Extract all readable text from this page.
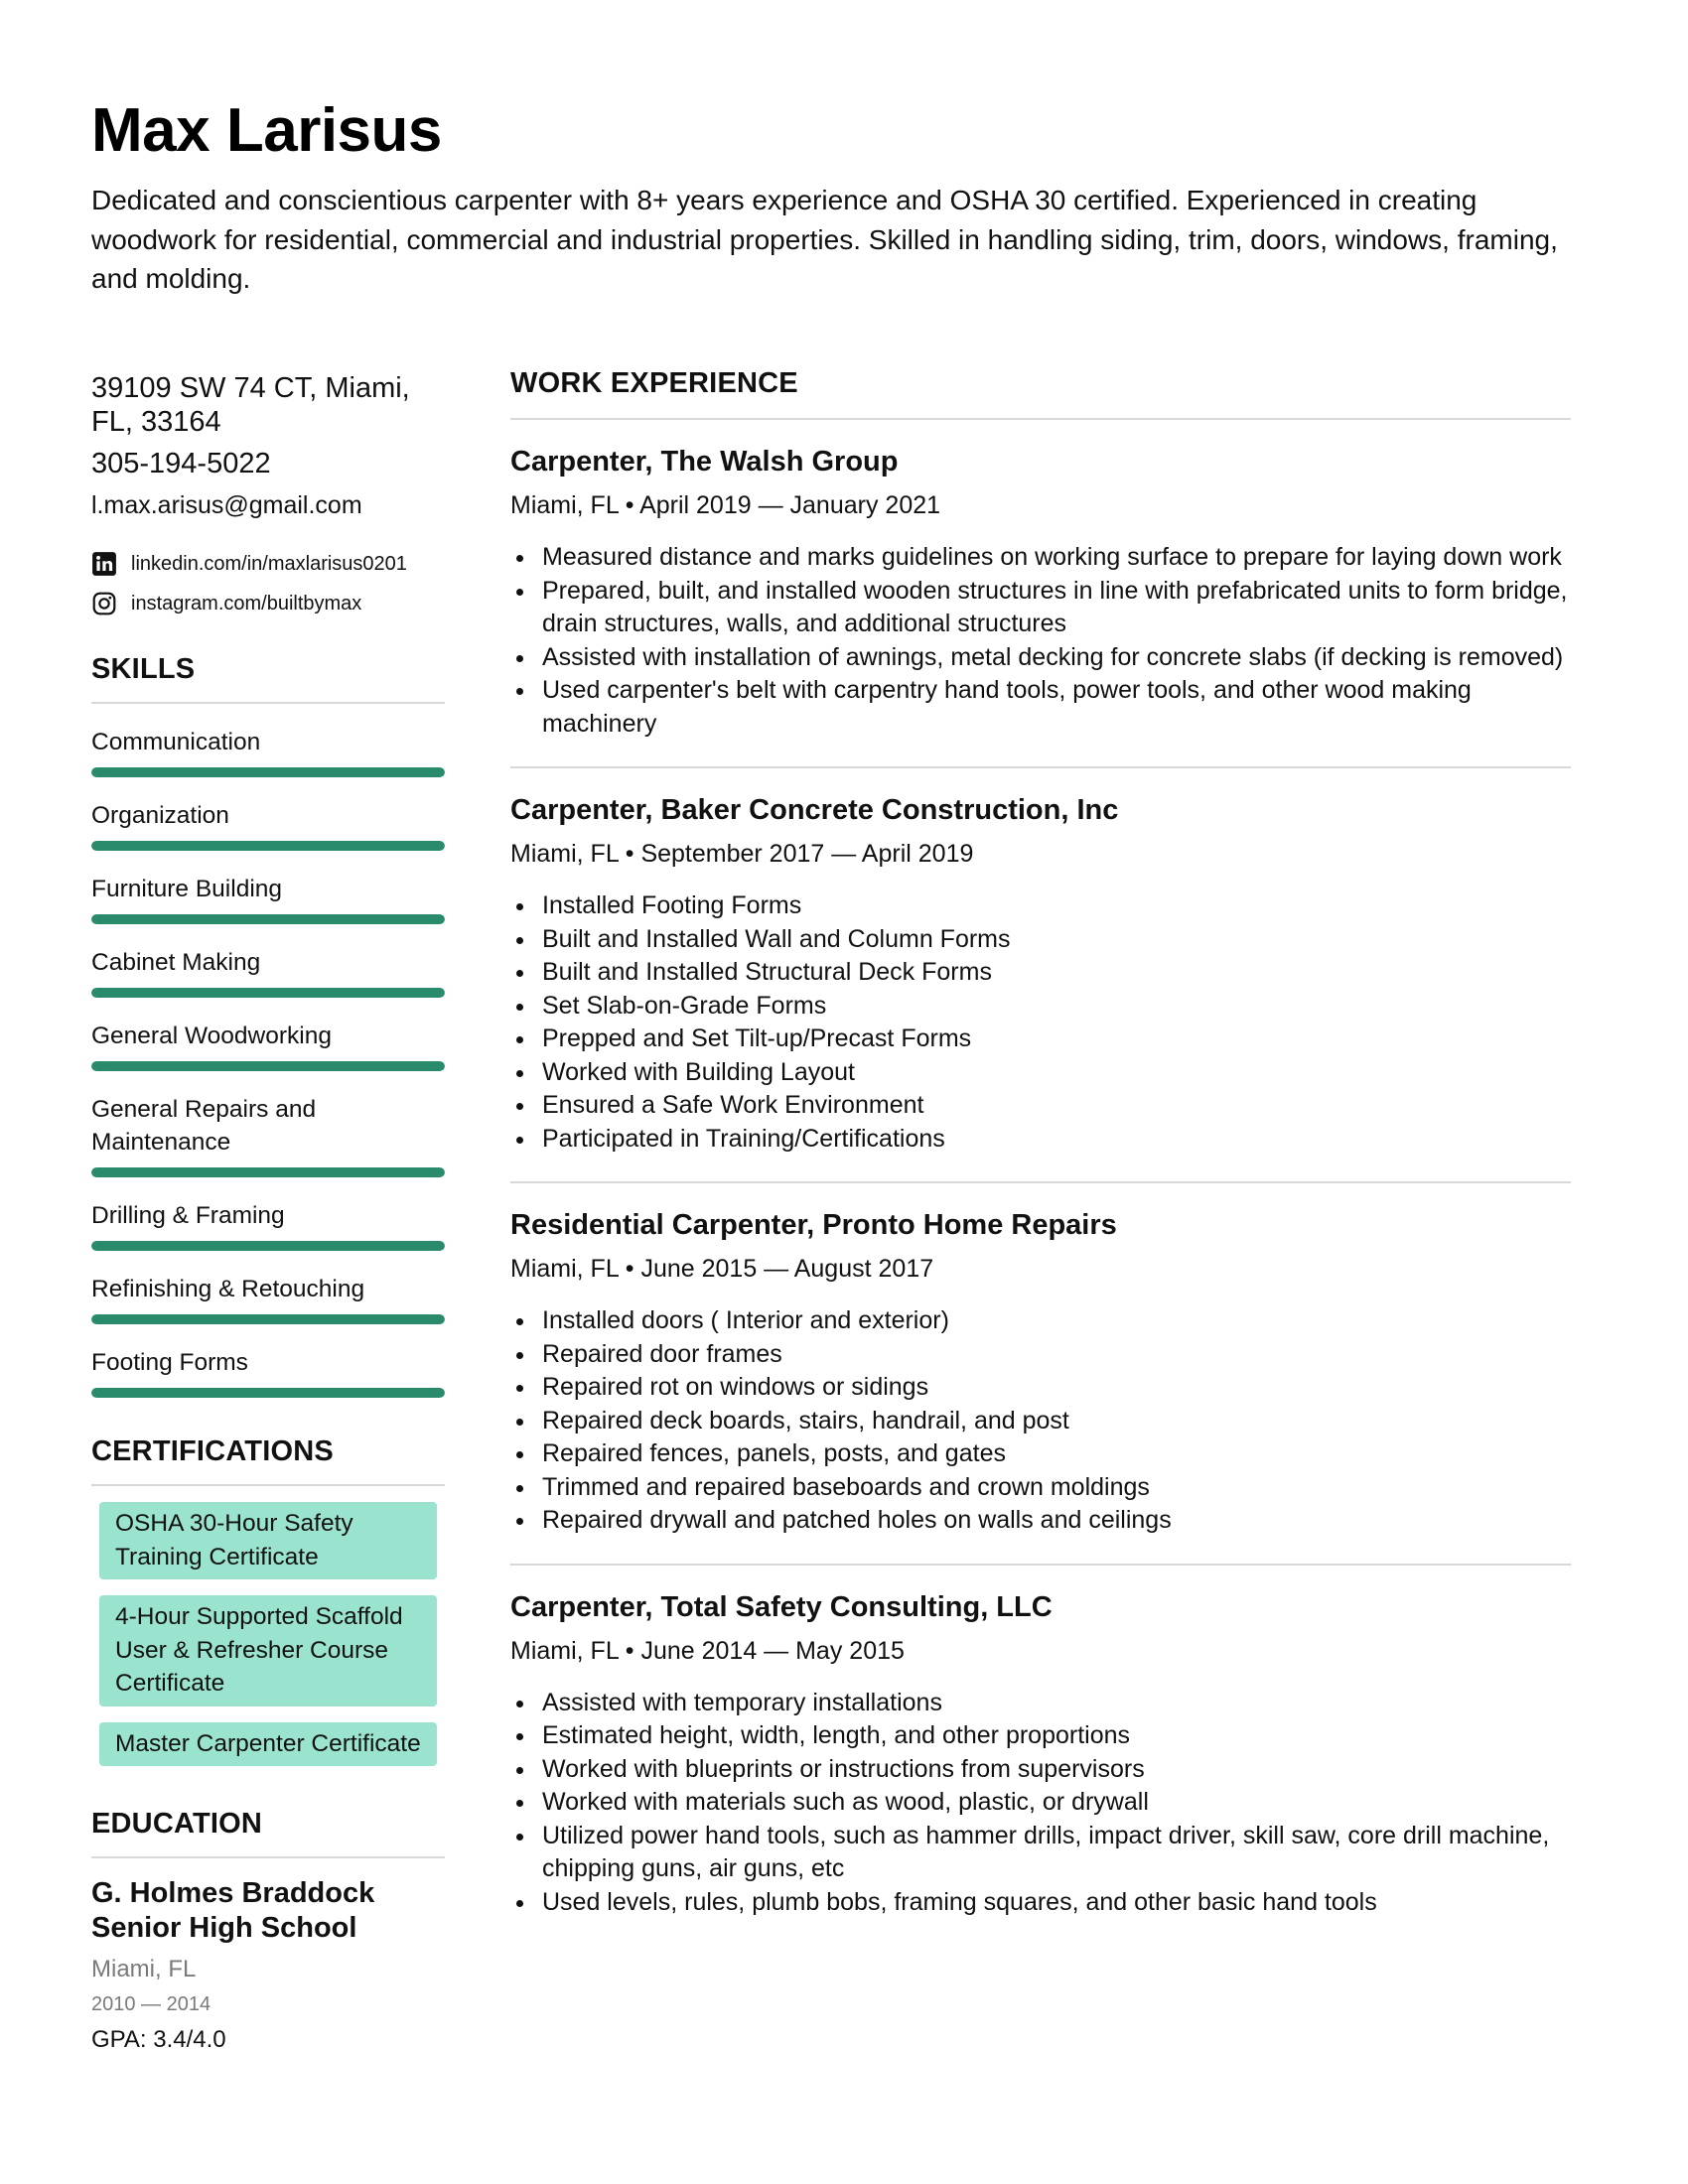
Max Larisus
Dedicated and conscientious carpenter with 8+ years experience and OSHA 30 certified. Experienced in creating woodwork for residential, commercial and industrial properties. Skilled in handling siding, trim, doors, windows, framing, and molding.
39109 SW 74 CT, Miami, FL, 33164
305-194-5022
l.max.arisus@gmail.com
linkedin.com/in/maxlarisus0201
instagram.com/builtbymax
SKILLS
Communication
Organization
Furniture Building
Cabinet Making
General Woodworking
General Repairs and Maintenance
Drilling & Framing
Refinishing & Retouching
Footing Forms
CERTIFICATIONS
OSHA 30-Hour Safety Training Certificate
4-Hour Supported Scaffold User & Refresher Course Certificate
Master Carpenter Certificate
EDUCATION
G. Holmes Braddock Senior High School
Miami, FL
2010 — 2014
GPA: 3.4/4.0
WORK EXPERIENCE
Carpenter, The Walsh Group
Miami, FL • April 2019 — January 2021
Measured distance and marks guidelines on working surface to prepare for laying down work
Prepared, built, and installed wooden structures in line with prefabricated units to form bridge, drain structures, walls, and additional structures
Assisted with installation of awnings, metal decking for concrete slabs (if decking is removed)
Used carpenter's belt with carpentry hand tools, power tools, and other wood making machinery
Carpenter, Baker Concrete Construction, Inc
Miami, FL • September 2017 — April 2019
Installed Footing Forms
Built and Installed Wall and Column Forms
Built and Installed Structural Deck Forms
Set Slab-on-Grade Forms
Prepped and Set Tilt-up/Precast Forms
Worked with Building Layout
Ensured a Safe Work Environment
Participated in Training/Certifications
Residential Carpenter, Pronto Home Repairs
Miami, FL • June 2015 — August 2017
Installed doors ( Interior and exterior)
Repaired door frames
Repaired rot on windows or sidings
Repaired deck boards, stairs, handrail, and post
Repaired fences, panels, posts, and gates
Trimmed and repaired baseboards and crown moldings
Repaired drywall and patched holes on walls and ceilings
Carpenter, Total Safety Consulting, LLC
Miami, FL • June 2014 — May 2015
Assisted with temporary installations
Estimated height, width, length, and other proportions
Worked with blueprints or instructions from supervisors
Worked with materials such as wood, plastic, or drywall
Utilized power hand tools, such as hammer drills, impact driver, skill saw, core drill machine, chipping guns, air guns, etc
Used levels, rules, plumb bobs, framing squares, and other basic hand tools
